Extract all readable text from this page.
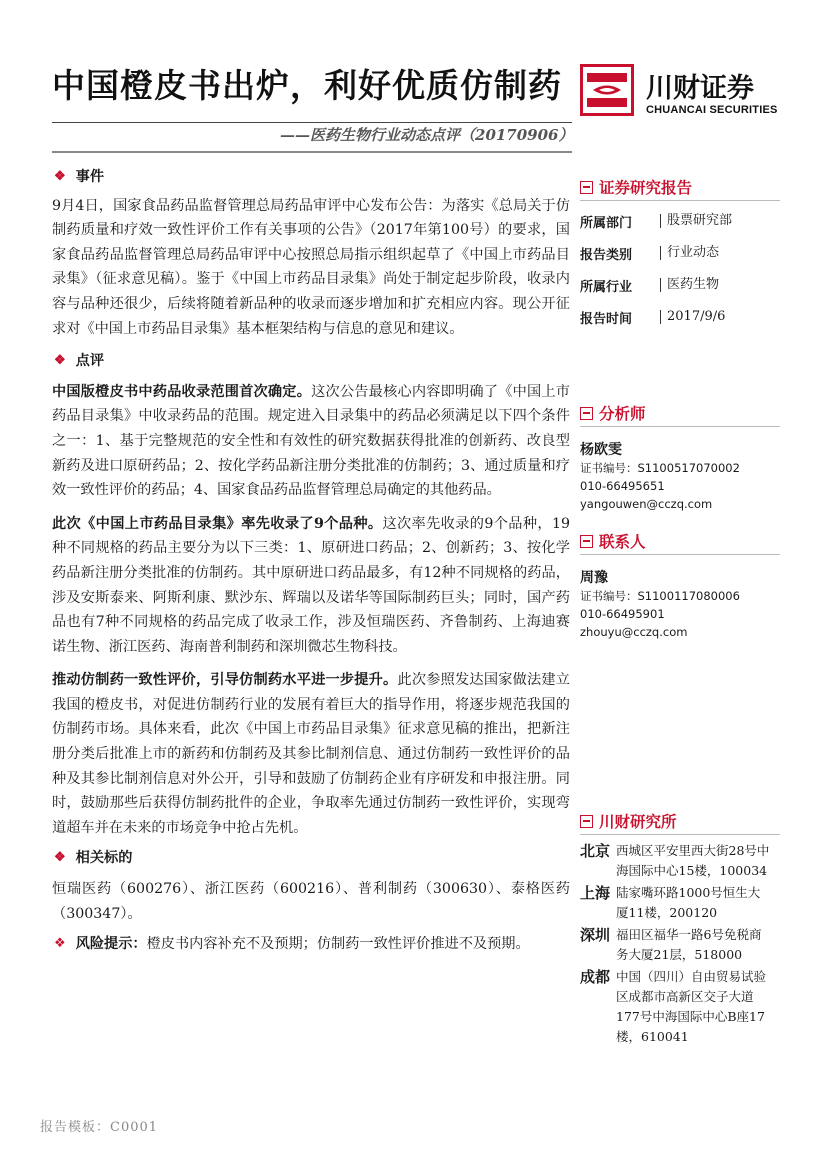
中国橙皮书出炉，利好优质仿制药	川财证券
CHUANCAI SECURITIES
——医药生物行业动态点评（20170906）
❖ 事件

9月4日，国家食品药品监督管理总局药品审评中心发布公告：为落实《总局关于仿制药质量和疗效一致性评价工作有关事项的公告》（2017年第100号）的要求，国家食品药品监督管理总局药品审评中心按照总局指示组织起草了《中国上市药品目录集》（征求意见稿）。鉴于《中国上市药品目录集》尚处于制定起步阶段，收录内容与品种还很少，后续将随着新品种的收录而逐步增加和扩充相应内容。现公开征求对《中国上市药品目录集》基本框架结构与信息的意见和建议。

❖ 点评

中国版橙皮书中药品收录范围首次确定。这次公告最核心内容即明确了《中国上市药品目录集》中收录药品的范围。规定进入目录集中的药品必须满足以下四个条件之一：1、基于完整规范的安全性和有效性的研究数据获得批准的创新药、改良型新药及进口原研药品；2、按化学药品新注册分类批准的仿制药；3、通过质量和疗效一致性评价的药品；4、国家食品药品监督管理总局确定的其他药品。

此次《中国上市药品目录集》率先收录了9个品种。这次率先收录的9个品种，19种不同规格的药品主要分为以下三类：1、原研进口药品；2、创新药；3、按化学药品新注册分类批准的仿制药。其中原研进口药品最多，有12种不同规格的药品，涉及安斯泰来、阿斯利康、默沙东、辉瑞以及诺华等国际制药巨头；同时，国产药品也有7种不同规格的药品完成了收录工作，涉及恒瑞医药、齐鲁制药、上海迪赛诺生物、浙江医药、海南普利制药和深圳微芯生物科技。

推动仿制药一致性评价，引导仿制药水平进一步提升。此次参照发达国家做法建立我国的橙皮书，对促进仿制药行业的发展有着巨大的指导作用，将逐步规范我国的仿制药市场。具体来看，此次《中国上市药品目录集》征求意见稿的推出，把新注册分类后批准上市的新药和仿制药及其参比制剂信息、通过仿制药一致性评价的品种及其参比制剂信息对外公开，引导和鼓励了仿制药企业有序研发和申报注册。同时，鼓励那些后获得仿制药批件的企业，争取率先通过仿制药一致性评价，实现弯道超车并在未来的市场竞争中抢占先机。

❖ 相关标的

恒瑞医药（600276）、浙江医药（600216）、普利制药（300630）、泰格医药（300347）。

❖ 风险提示： 橙皮书内容补充不及预期；仿制药一致性评价推进不及预期。
证券研究报告
所属部门	股票研究部
报告类别	行业动态
所属行业	医药生物
报告时间	2017/9/6
分析师
杨欧雯
证书编号：S1100517070002
010-66495651
yangouwen@cczq.com
联系人
周豫
证书编号：S1100117080006
010-66495901
zhouyu@cczq.com
川财研究所
北京 西城区平安里西大街28号中海国际中心15楼，100034
上海 陆家嘴环路1000号恒生大厦11楼，200120
深圳 福田区福华一路6号免税商务大厦21层，518000
成都 中国（四川）自由贸易试验区成都市高新区交子大道177号中海国际中心B座17楼，610041
报告模板：C0001
